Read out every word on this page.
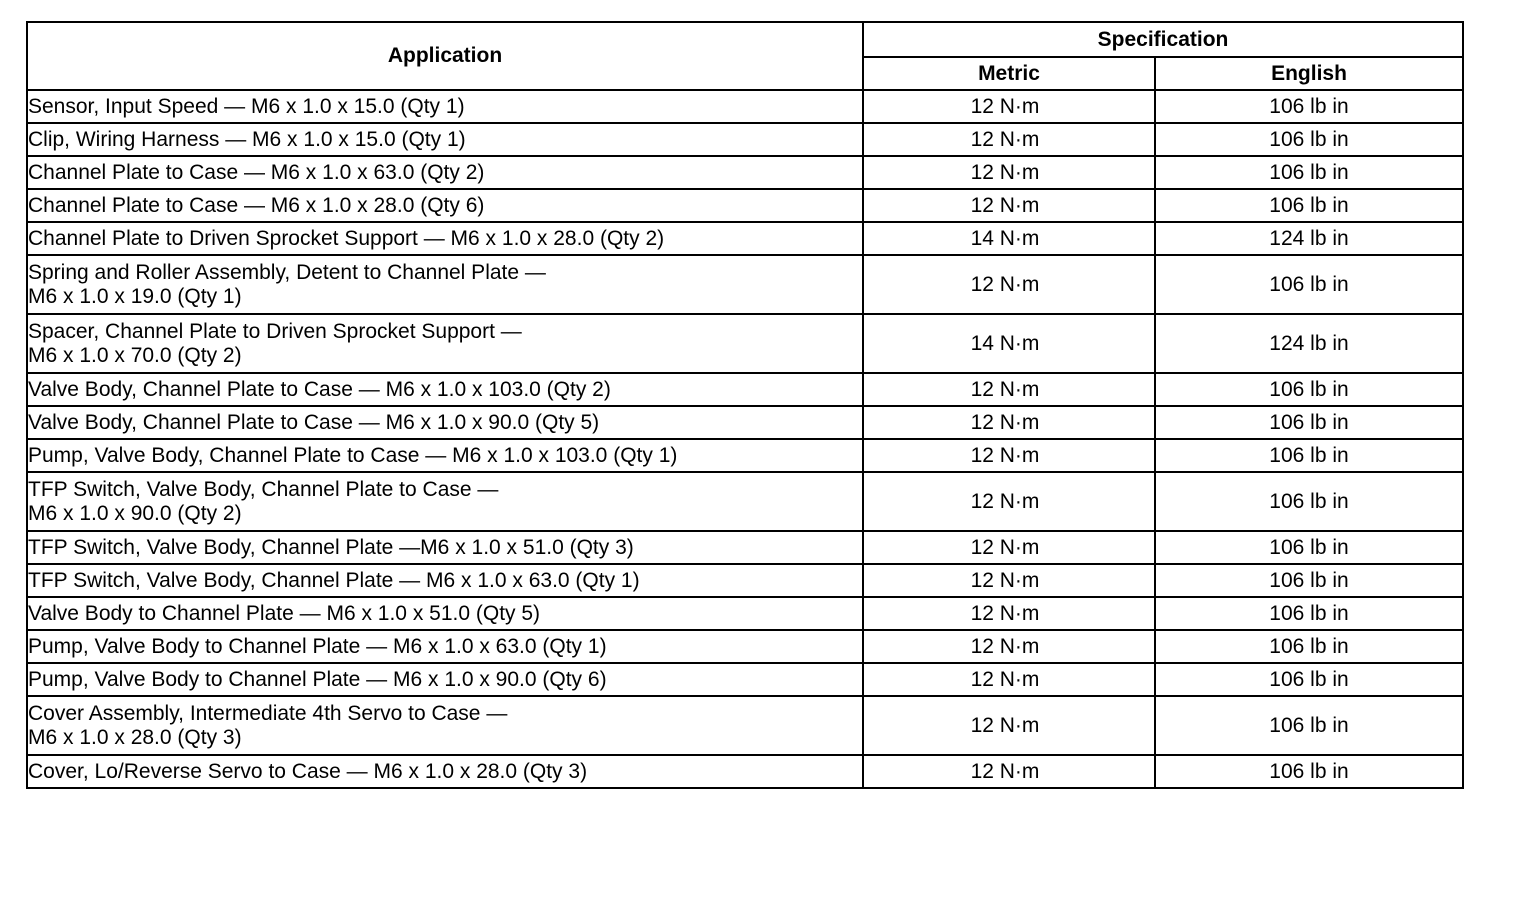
Application	Specification	
	Metric	English
Sensor, Input Speed — M6 x 1.0 x 15.0 (Qty 1)	12 N·m	106 lb in
Clip, Wiring Harness — M6 x 1.0 x 15.0 (Qty 1)	12 N·m	106 lb in
Channel Plate to Case — M6 x 1.0 x 63.0 (Qty 2)	12 N·m	106 lb in
Channel Plate to Case — M6 x 1.0 x 28.0 (Qty 6)	12 N·m	106 lb in
Channel Plate to Driven Sprocket Support — M6 x 1.0 x 28.0 (Qty 2)	14 N·m	124 lb in
Spring and Roller Assembly, Detent to Channel Plate —
M6 x 1.0 x 19.0 (Qty 1)	12 N·m	106 lb in
Spacer, Channel Plate to Driven Sprocket Support —
M6 x 1.0 x 70.0 (Qty 2)	14 N·m	124 lb in
Valve Body, Channel Plate to Case — M6 x 1.0 x 103.0 (Qty 2)	12 N·m	106 lb in
Valve Body, Channel Plate to Case — M6 x 1.0 x 90.0 (Qty 5)	12 N·m	106 lb in
Pump, Valve Body, Channel Plate to Case — M6 x 1.0 x 103.0 (Qty 1)	12 N·m	106 lb in
TFP Switch, Valve Body, Channel Plate to Case —
M6 x 1.0 x 90.0 (Qty 2)	12 N·m	106 lb in
TFP Switch, Valve Body, Channel Plate —M6 x 1.0 x 51.0 (Qty 3)	12 N·m	106 lb in
TFP Switch, Valve Body, Channel Plate — M6 x 1.0 x 63.0 (Qty 1)	12 N·m	106 lb in
Valve Body to Channel Plate — M6 x 1.0 x 51.0 (Qty 5)	12 N·m	106 lb in
Pump, Valve Body to Channel Plate — M6 x 1.0 x 63.0 (Qty 1)	12 N·m	106 lb in
Pump, Valve Body to Channel Plate — M6 x 1.0 x 90.0 (Qty 6)	12 N·m	106 lb in
Cover Assembly, Intermediate 4th Servo to Case —
M6 x 1.0 x 28.0 (Qty 3)	12 N·m	106 lb in
Cover, Lo/Reverse Servo to Case — M6 x 1.0 x 28.0 (Qty 3)	12 N·m	106 lb in
